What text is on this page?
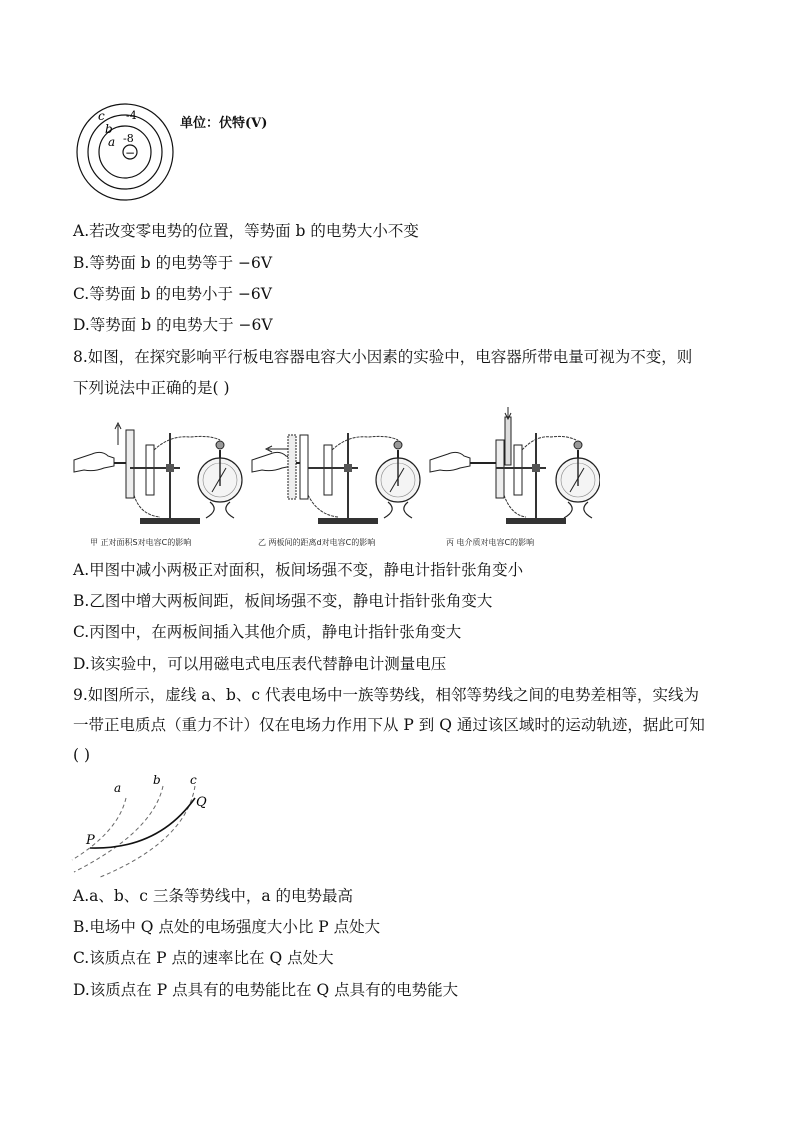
c -4
b
a -8
−
单位：伏特(V)
A.若改变零电势的位置，等势面 b 的电势大小不变
B.等势面 b 的电势等于 −6V
C.等势面 b 的电势小于 −6V
D.等势面 b 的电势大于 −6V
8.如图，在探究影响平行板电容器电容大小因素的实验中，电容器所带电量可视为不变，则
下列说法中正确的是( )
甲 正对面积S对电容C的影响	乙 两板间的距离d对电容C的影响	丙 电介质对电容C的影响
A.甲图中减小两极正对面积，板间场强不变，静电计指针张角变小
B.乙图中增大两板间距，板间场强不变，静电计指针张角变大
C.丙图中，在两板间插入其他介质，静电计指针张角变大
D.该实验中，可以用磁电式电压表代替静电计测量电压
9.如图所示，虚线 a、b、c 代表电场中一族等势线，相邻等势线之间的电势差相等，实线为
一带正电质点（重力不计）仅在电场力作用下从 P 到 Q 通过该区域时的运动轨迹，据此可知
( )
a
b c
P
Q
A.a、b、c 三条等势线中，a 的电势最高
B.电场中 Q 点处的电场强度大小比 P 点处大
C.该质点在 P 点的速率比在 Q 点处大
D.该质点在 P 点具有的电势能比在 Q 点具有的电势能大
